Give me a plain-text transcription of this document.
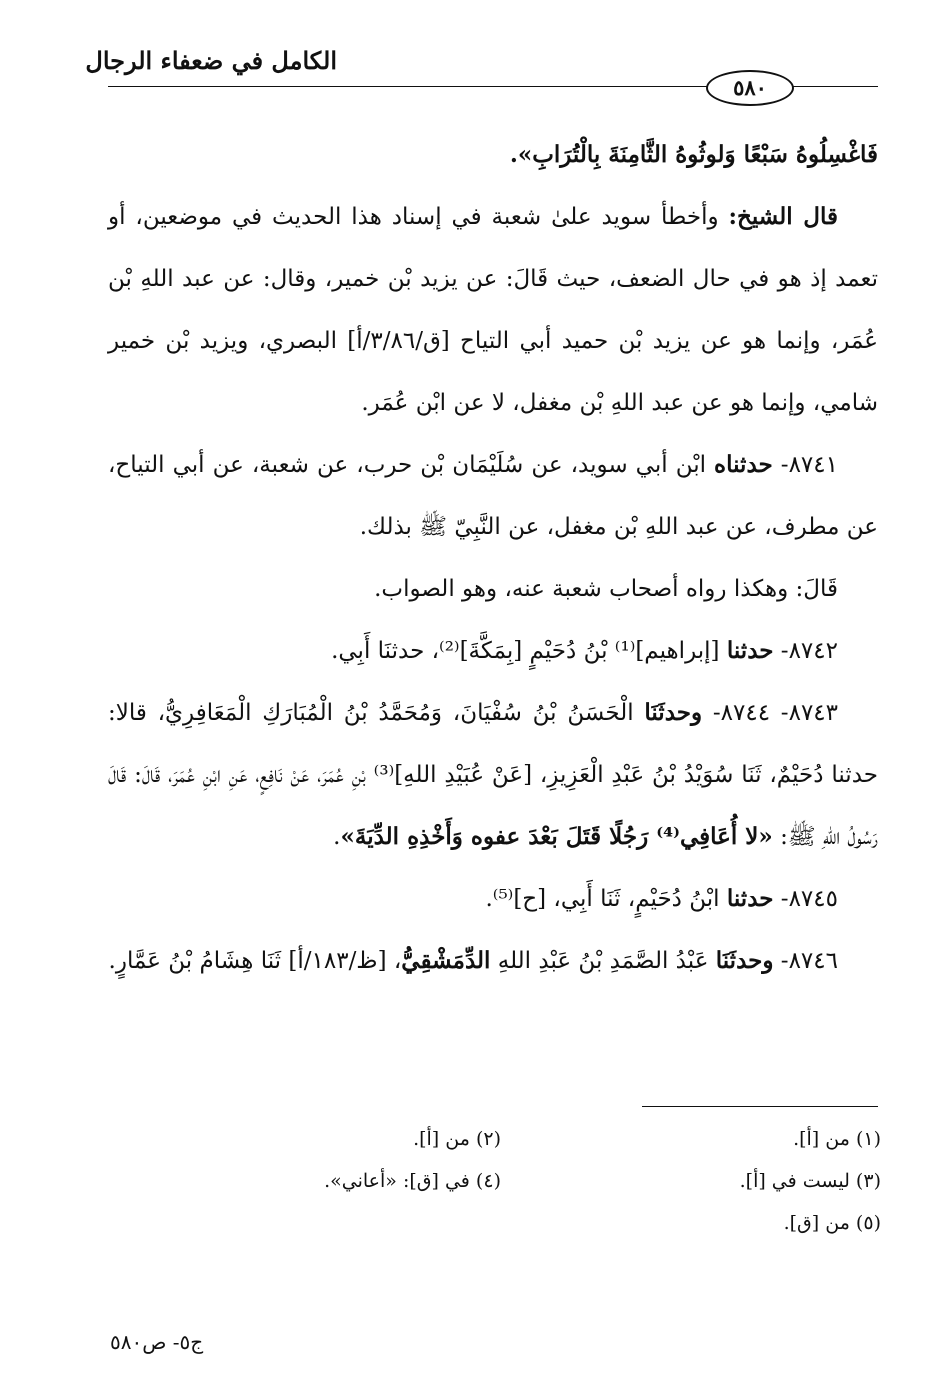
الكامل في ضعفاء الرجال
٥٨٠

فَاغْسِلُوهُ سَبْعًا وَلوثُوهُ الثَّامِنَةَ بِالْتُرَابِ».

قال الشيخ: وأخطأ سويد علىٰ شعبة في إسناد هذا الحديث في موضعين، أو تعمد إذ هو في حال الضعف، حيث قَالَ: عن يزيد بْن خمير، وقال: عن عبد اللهِ بْن عُمَر، وإنما هو عن يزيد بْن حميد أبي التياح [ق/٣/٨٦/أ] البصري، ويزيد بْن خمير شامي، وإنما هو عن عبد اللهِ بْن مغفل، لا عن ابْن عُمَر.

٨٧٤١- حدثناه ابْن أبي سويد، عن سُلَيْمَان بْن حرب، عن شعبة، عن أبي التياح، عن مطرف، عن عبد اللهِ بْن مغفل، عن النَّبِيّ ﷺ بذلك.

قَالَ: وهكذا رواه أصحاب شعبة عنه، وهو الصواب.

٨٧٤٢- حدثنا [إبراهيم]⁽¹⁾ بْنُ دُحَيْمٍ [بِمَكَّةَ]⁽²⁾، حدثنَا أَبِي.

٨٧٤٣- ٨٧٤٤- وحدثَنَا الْحَسَنُ بْنُ سُفْيَانَ، وَمُحَمَّدُ بْنُ الْمُبَارَكِ الْمَعَافِرِيُّ، قالا: حدثنا دُحَيْمٌ، ثَنَا سُوَيْدُ بْنُ عَبْدِ الْعَزِيزِ، [عَنْ عُبَيْدِ اللهِ]⁽³⁾ بْنِ عُمَرَ، عَنْ نَافِعٍ، عَنِ ابْنِ عُمَرَ، قَالَ: قَالَ رَسُولُ اللهِ ﷺ: «لا أُعَافِي⁽⁴⁾ رَجُلًا قَتَلَ بَعْدَ عفوه وَأَخْذِهِ الدِّيَةَ».

٨٧٤٥- حدثنا ابْنُ دُحَيْمٍ، ثَنَا أَبِي، [ح]⁽⁵⁾.

٨٧٤٦- وحدثَنَا عَبْدُ الصَّمَدِ بْنُ عَبْدِ اللهِ الدِّمَشْقِيُّ، [ظ/١٨٣/أ] ثَنَا هِشَامُ بْنُ عَمَّارٍ.

(١) من [أ].
(٢) من [أ].
(٣) ليست في [أ].
(٤) في [ق]: «أعاني».
(٥) من [ق].
ج٥- ص٥٨٠
